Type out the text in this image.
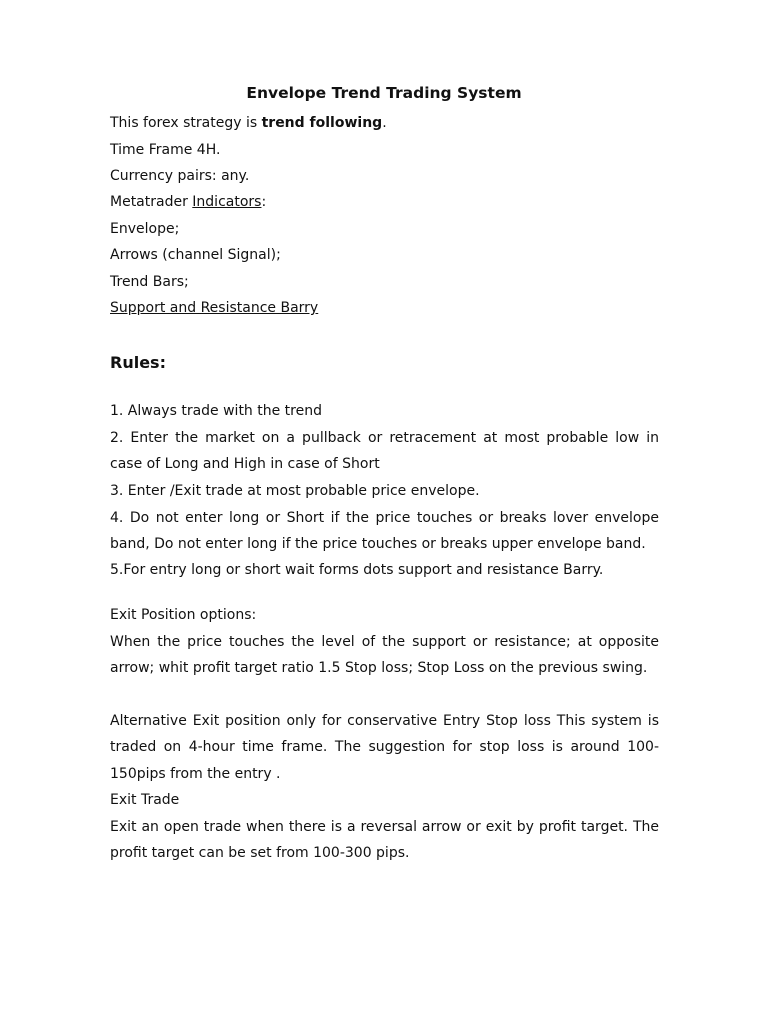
Envelope Trend Trading System

This forex strategy is trend following.

Time Frame 4H.

Currency pairs: any.

Metatrader Indicators:

Envelope;

Arrows (channel Signal);

Trend Bars;

Support and Resistance Barry

Rules:

1. Always trade with the trend

2. Enter the market on a pullback or retracement at most probable low in case of Long and High in case of Short

3. Enter /Exit trade at most probable price envelope.

4. Do not enter long or Short if the price touches or breaks lover envelope band, Do not enter long if the price touches or breaks upper envelope band.

5.For entry long or short wait forms dots support and resistance Barry.

Exit Position options:

When the price touches the level of the support or resistance; at opposite arrow; whit profit target ratio 1.5 Stop loss; Stop Loss on the previous swing.

Alternative Exit position only for conservative Entry Stop loss This system is traded on 4-hour time frame. The suggestion for stop loss is around 100-150pips from the entry .

Exit Trade

Exit an open trade when there is a reversal arrow or exit by profit target. The profit target can be set from 100-300 pips.
